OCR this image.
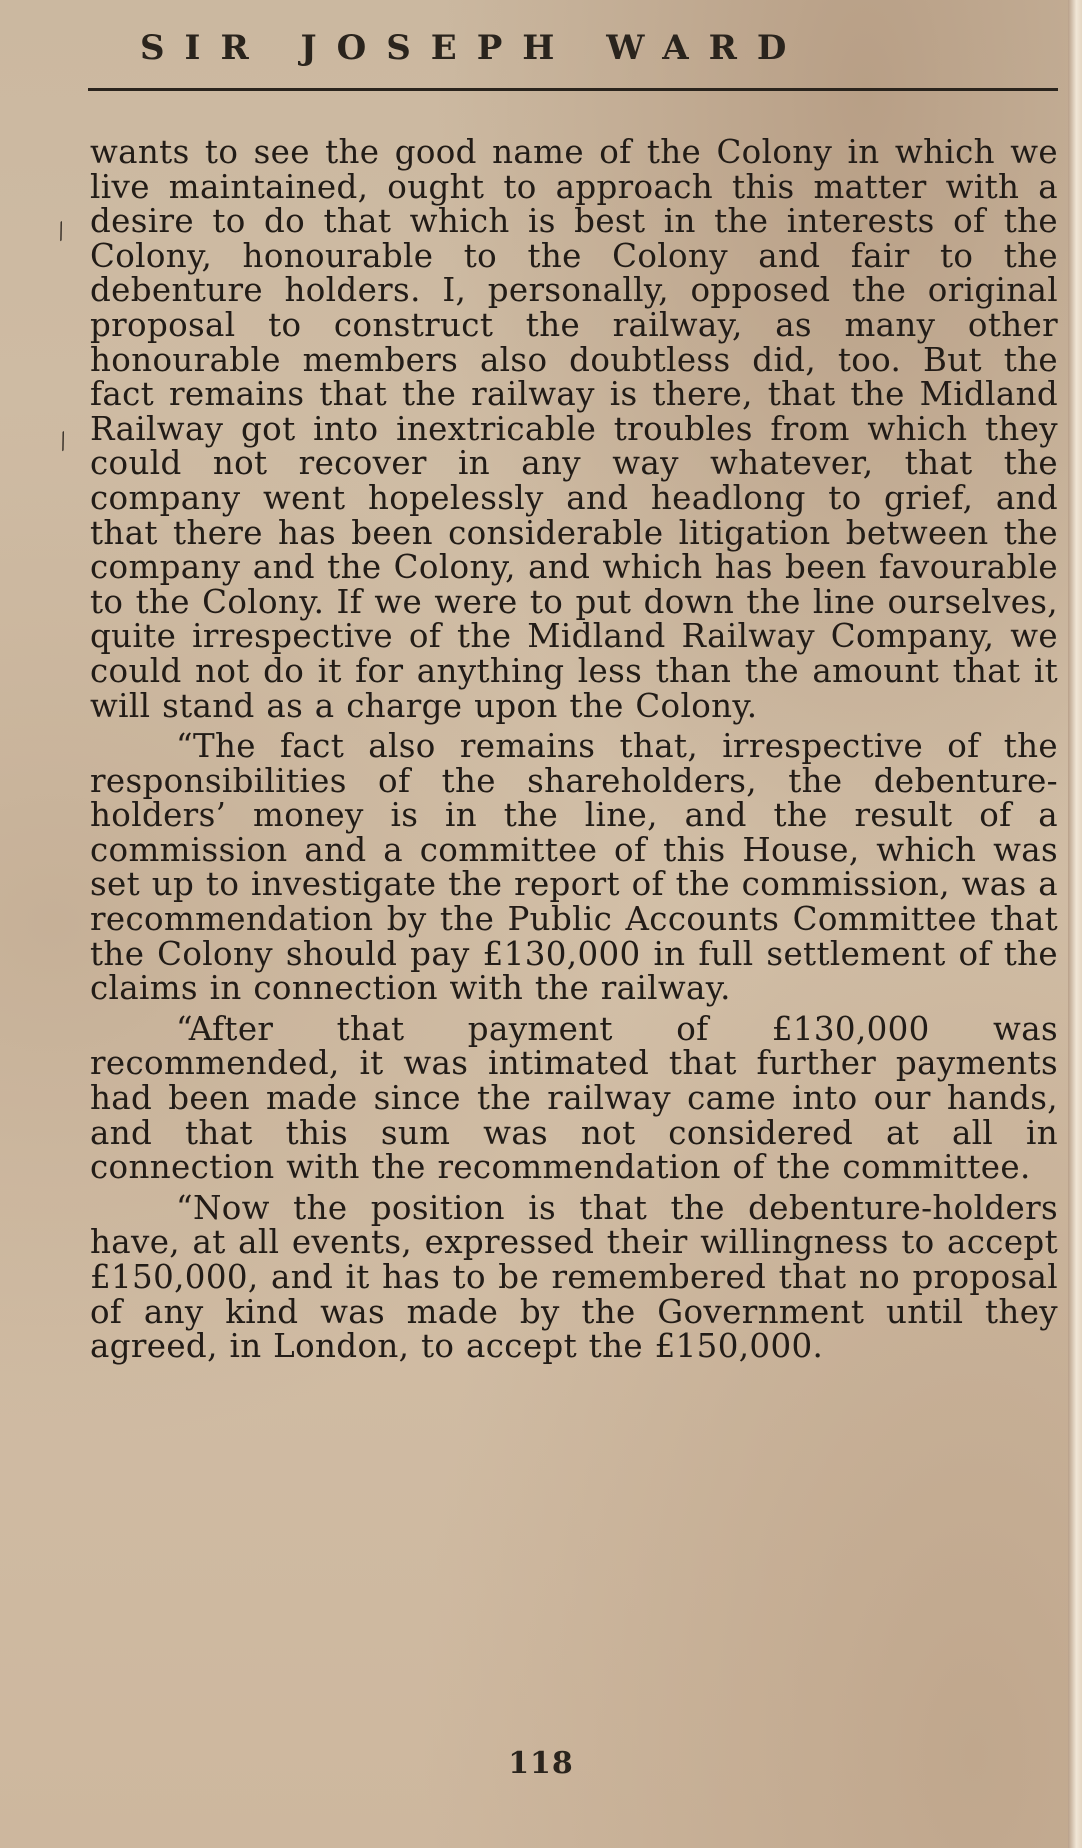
SIR JOSEPH WARD
⁄
⁄

wants to see the good name of the Colony in which we live maintained, ought to approach this matter with a desire to do that which is best in the interests of the Colony, honourable to the Colony and fair to the debenture holders. I, personally, opposed the original proposal to construct the railway, as many other honourable members also doubtless did, too. But the fact remains that the railway is there, that the Midland Railway got into inextricable troubles from which they could not recover in any way whatever, that the company went hopelessly and headlong to grief, and that there has been considerable litigation between the company and the Colony, and which has been favourable to the Colony. If we were to put down the line ourselves, quite irrespective of the Midland Railway Company, we could not do it for anything less than the amount that it will stand as a charge upon the Colony.

“The fact also remains that, irrespective of the responsibilities of the shareholders, the debenture-holders’ money is in the line, and the result of a commission and a committee of this House, which was set up to investigate the report of the commission, was a recommendation by the Public Accounts Committee that the Colony should pay £130,000 in full settlement of the claims in connection with the railway.

“After that payment of £130,000 was recommended, it was intimated that further payments had been made since the railway came into our hands, and that this sum was not considered at all in connection with the recommendation of the committee.

“Now the position is that the debenture-holders have, at all events, expressed their willingness to accept £150,000, and it has to be remembered that no proposal of any kind was made by the Government until they agreed, in London, to accept the £150,000.

118
